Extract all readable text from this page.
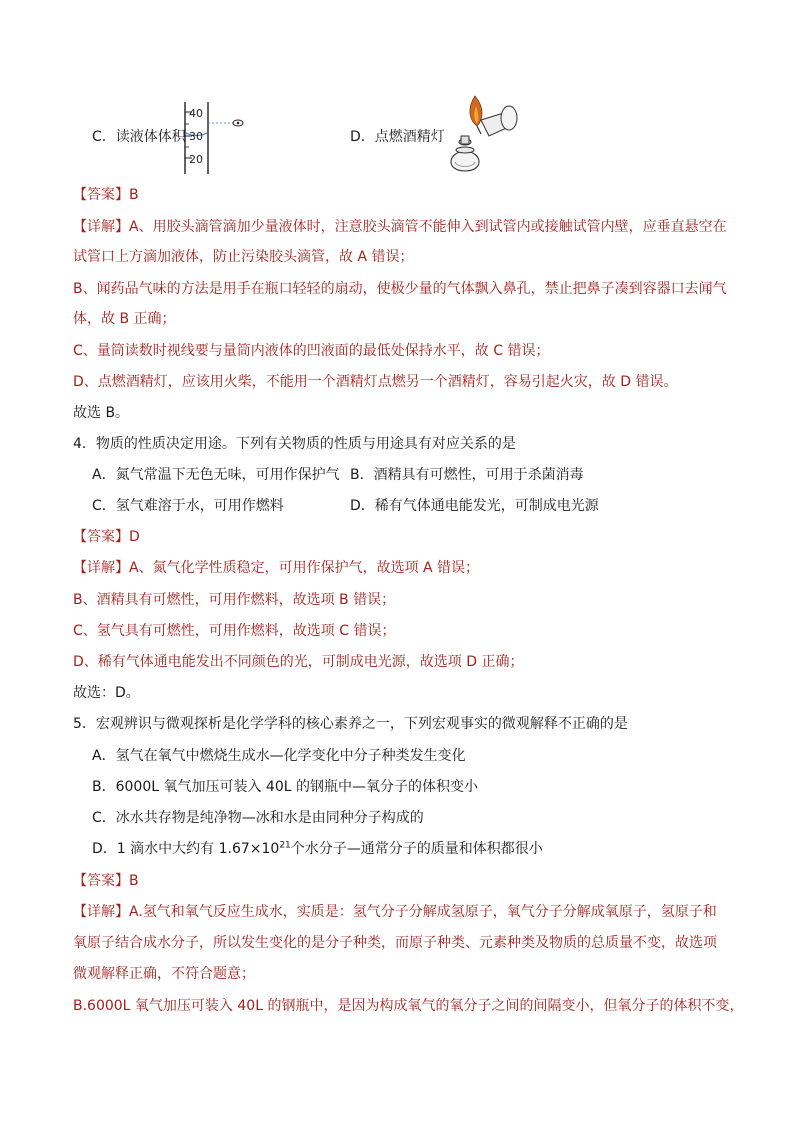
C．读液体体积
40
30
20
D．点燃酒精灯
【答案】B
【详解】A、用胶头滴管滴加少量液体时，注意胶头滴管不能伸入到试管内或接触试管内壁，应垂直悬空在
试管口上方滴加液体，防止污染胶头滴管，故 A 错误；
B、闻药品气味的方法是用手在瓶口轻轻的扇动，使极少量的气体飘入鼻孔，禁止把鼻子凑到容器口去闻气
体，故 B 正确；
C、量筒读数时视线要与量筒内液体的凹液面的最低处保持水平，故 C 错误；
D、点燃酒精灯，应该用火柴，不能用一个酒精灯点燃另一个酒精灯，容易引起火灾，故 D 错误。
故选 B。
4．物质的性质决定用途。下列有关物质的性质与用途具有对应关系的是
A．氮气常温下无色无味，可用作保护气 B．酒精具有可燃性，可用于杀菌消毒
C．氢气难溶于水，可用作燃料	D．稀有气体通电能发光，可制成电光源
【答案】D
【详解】A、氮气化学性质稳定，可用作保护气，故选项 A 错误；
B、酒精具有可燃性，可用作燃料，故选项 B 错误；
C、氢气具有可燃性，可用作燃料，故选项 C 错误；
D、稀有气体通电能发出不同颜色的光，可制成电光源，故选项 D 正确；
故选：D。
5．宏观辨识与微观探析是化学学科的核心素养之一，下列宏观事实的微观解释不正确的是
A．氢气在氧气中燃烧生成水—化学变化中分子种类发生变化
B．6000L 氧气加压可装入 40L 的钢瓶中—氧分子的体积变小
C．冰水共存物是纯净物—冰和水是由同种分子构成的
D．1 滴水中大约有 $1.67\times 10^{21}$个水分子—通常分子的质量和体积都很小
【答案】B
【详解】A.氢气和氧气反应生成水，实质是：氢气分子分解成氢原子，氧气分子分解成氧原子，氢原子和
氧原子结合成水分子，所以发生变化的是分子种类，而原子种类、元素种类及物质的总质量不变，故选项
微观解释正确，不符合题意；
B.6000L 氧气加压可装入 40L 的钢瓶中，是因为构成氧气的氧分子之间的间隔变小，但氧分子的体积不变，
